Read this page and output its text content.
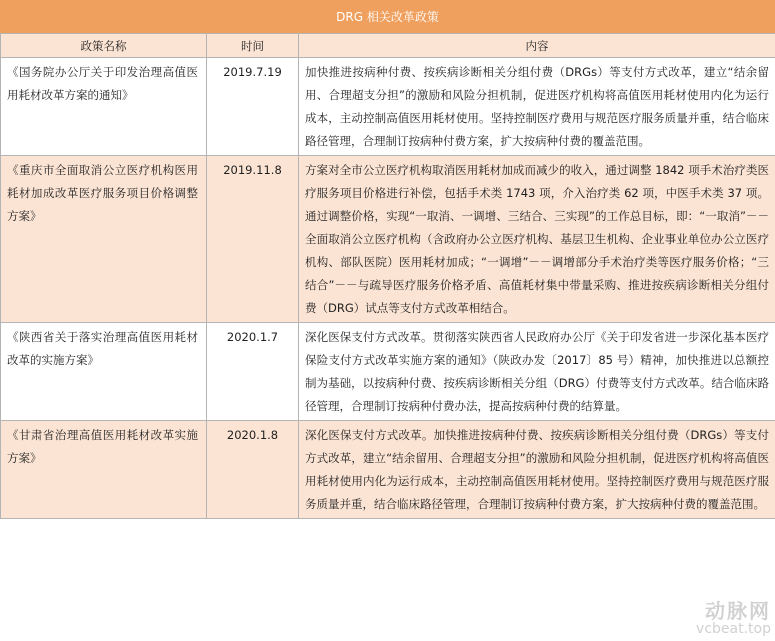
DRG 相关改革政策
政策名称	时间	内容
《国务院办公厅关于印发治理高值医用耗材改革方案的通知》	2019.7.19	加快推进按病种付费、按疾病诊断相关分组付费（DRGs）等支付方式改革，建立“结余留用、合理超支分担”的激励和风险分担机制，促进医疗机构将高值医用耗材使用内化为运行成本，主动控制高值医用耗材使用。坚持控制医疗费用与规范医疗服务质量并重，结合临床路径管理，合理制订按病种付费方案，扩大按病种付费的覆盖范围。
《重庆市全面取消公立医疗机构医用耗材加成改革医疗服务项目价格调整方案》	2019.11.8	方案对全市公立医疗机构取消医用耗材加成而减少的收入，通过调整 1842 项手术治疗类医疗服务项目价格进行补偿，包括手术类 1743 项，介入治疗类 62 项，中医手术类 37 项。通过调整价格，实现“一取消、一调增、三结合、三实现”的工作总目标，即：“一取消”－－全面取消公立医疗机构（含政府办公立医疗机构、基层卫生机构、企业事业单位办公立医疗机构、部队医院）医用耗材加成；“一调增”－－调增部分手术治疗类等医疗服务价格；“三结合”－－与疏导医疗服务价格矛盾、高值耗材集中带量采购、推进按疾病诊断相关分组付费（DRG）试点等支付方式改革相结合。
《陕西省关于落实治理高值医用耗材改革的实施方案》	2020.1.7	深化医保支付方式改革。贯彻落实陕西省人民政府办公厅《关于印发省进一步深化基本医疗保险支付方式改革实施方案的通知》（陕政办发〔2017〕85 号）精神，加快推进以总额控制为基础，以按病种付费、按疾病诊断相关分组（DRG）付费等支付方式改革。结合临床路径管理，合理制订按病种付费办法，提高按病种付费的结算量。
《甘肃省治理高值医用耗材改革实施方案》	2020.1.8	深化医保支付方式改革。加快推进按病种付费、按疾病诊断相关分组付费（DRGs）等支付方式改革，建立“结余留用、合理超支分担”的激励和风险分担机制，促进医疗机构将高值医用耗材使用内化为运行成本，主动控制高值医用耗材使用。坚持控制医疗费用与规范医疗服务质量并重，结合临床路径管理，合理制订按病种付费方案，扩大按病种付费的覆盖范围。
动脉网
vcbeat.top
